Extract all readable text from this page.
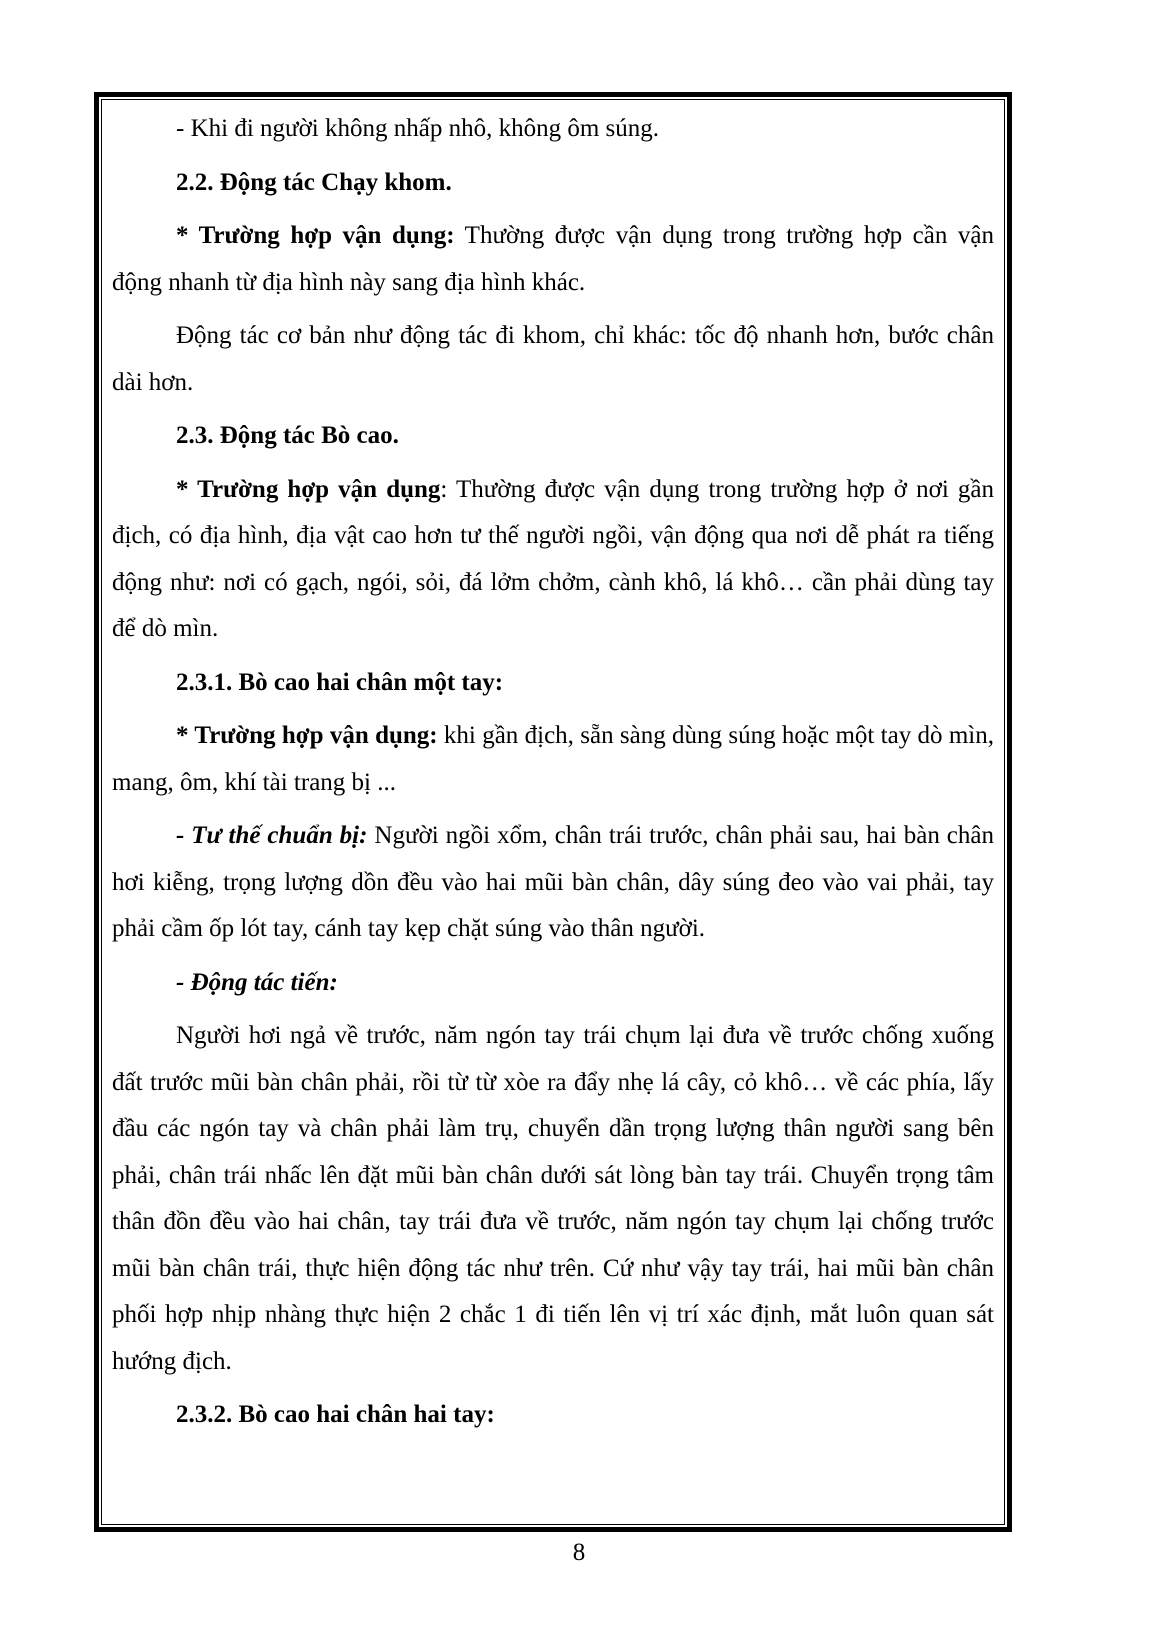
- Khi đi người không nhấp nhô, không ôm súng.

2.2. Động tác Chạy khom.

* Trường hợp vận dụng: Thường được vận dụng trong trường hợp cần vận động nhanh từ địa hình này sang địa hình khác.

Động tác cơ bản như động tác đi khom, chỉ khác: tốc độ nhanh hơn, bước chân dài hơn.

2.3. Động tác Bò cao.

* Trường hợp vận dụng: Thường được vận dụng trong trường hợp ở nơi gần địch, có địa hình, địa vật cao hơn tư thế người ngồi, vận động qua nơi dễ phát ra tiếng động như: nơi có gạch, ngói, sỏi, đá lởm chởm, cành khô, lá khô… cần phải dùng tay để dò mìn.

2.3.1. Bò cao hai chân một tay:

* Trường hợp vận dụng: khi gần địch, sẵn sàng dùng súng hoặc một tay dò mìn, mang, ôm, khí tài trang bị ...

- Tư thế chuẩn bị: Người ngồi xổm, chân trái trước, chân phải sau, hai bàn chân hơi kiễng, trọng lượng dồn đều vào hai mũi bàn chân, dây súng đeo vào vai phải, tay phải cầm ốp lót tay, cánh tay kẹp chặt súng vào thân người.

- Động tác tiến:

Người hơi ngả về trước, năm ngón tay trái chụm lại đưa về trước chống xuống đất trước mũi bàn chân phải, rồi từ từ xòe ra đẩy nhẹ lá cây, cỏ khô… về các phía, lấy đầu các ngón tay và chân phải làm trụ, chuyển dần trọng lượng thân người sang bên phải, chân trái nhấc lên đặt mũi bàn chân dưới sát lòng bàn tay trái. Chuyển trọng tâm thân đồn đều vào hai chân, tay trái đưa về trước, năm ngón tay chụm lại chống trước mũi bàn chân trái, thực hiện động tác như trên. Cứ như vậy tay trái, hai mũi bàn chân phối hợp nhịp nhàng thực hiện 2 chắc 1 đi tiến lên vị trí xác định, mắt luôn quan sát hướng địch.

2.3.2. Bò cao hai chân hai tay:

8
